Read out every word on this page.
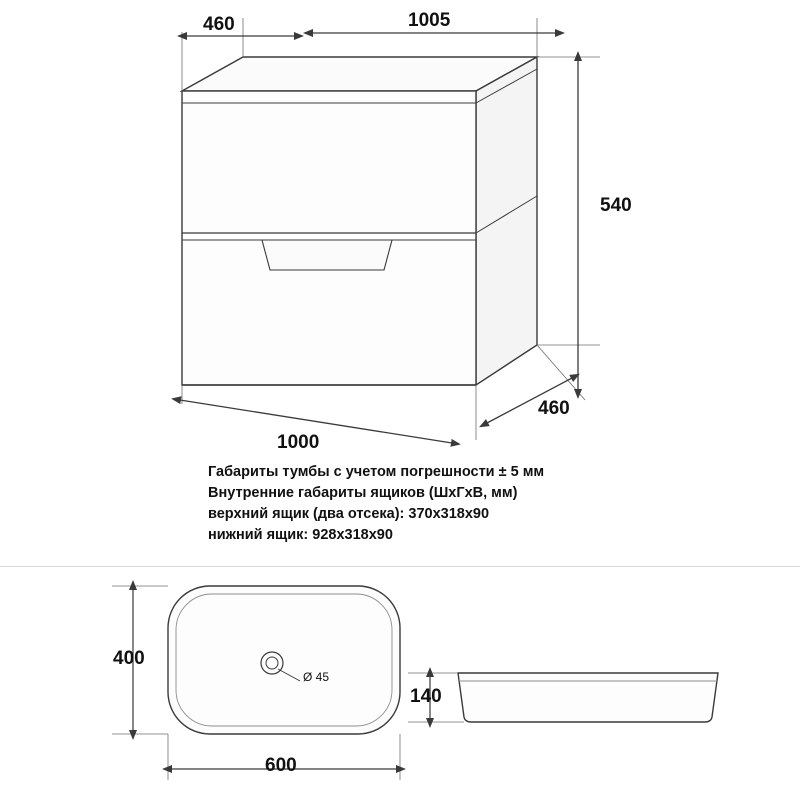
460	1005
540
1000
460
Габариты тумбы с учетом погрешности ± 5 мм
Внутренние габариты ящиков (ШхГхВ, мм)
верхний ящик (два отсека): 370х318х90
нижний ящик: 928х318х90
400
600
Ø 45
140
